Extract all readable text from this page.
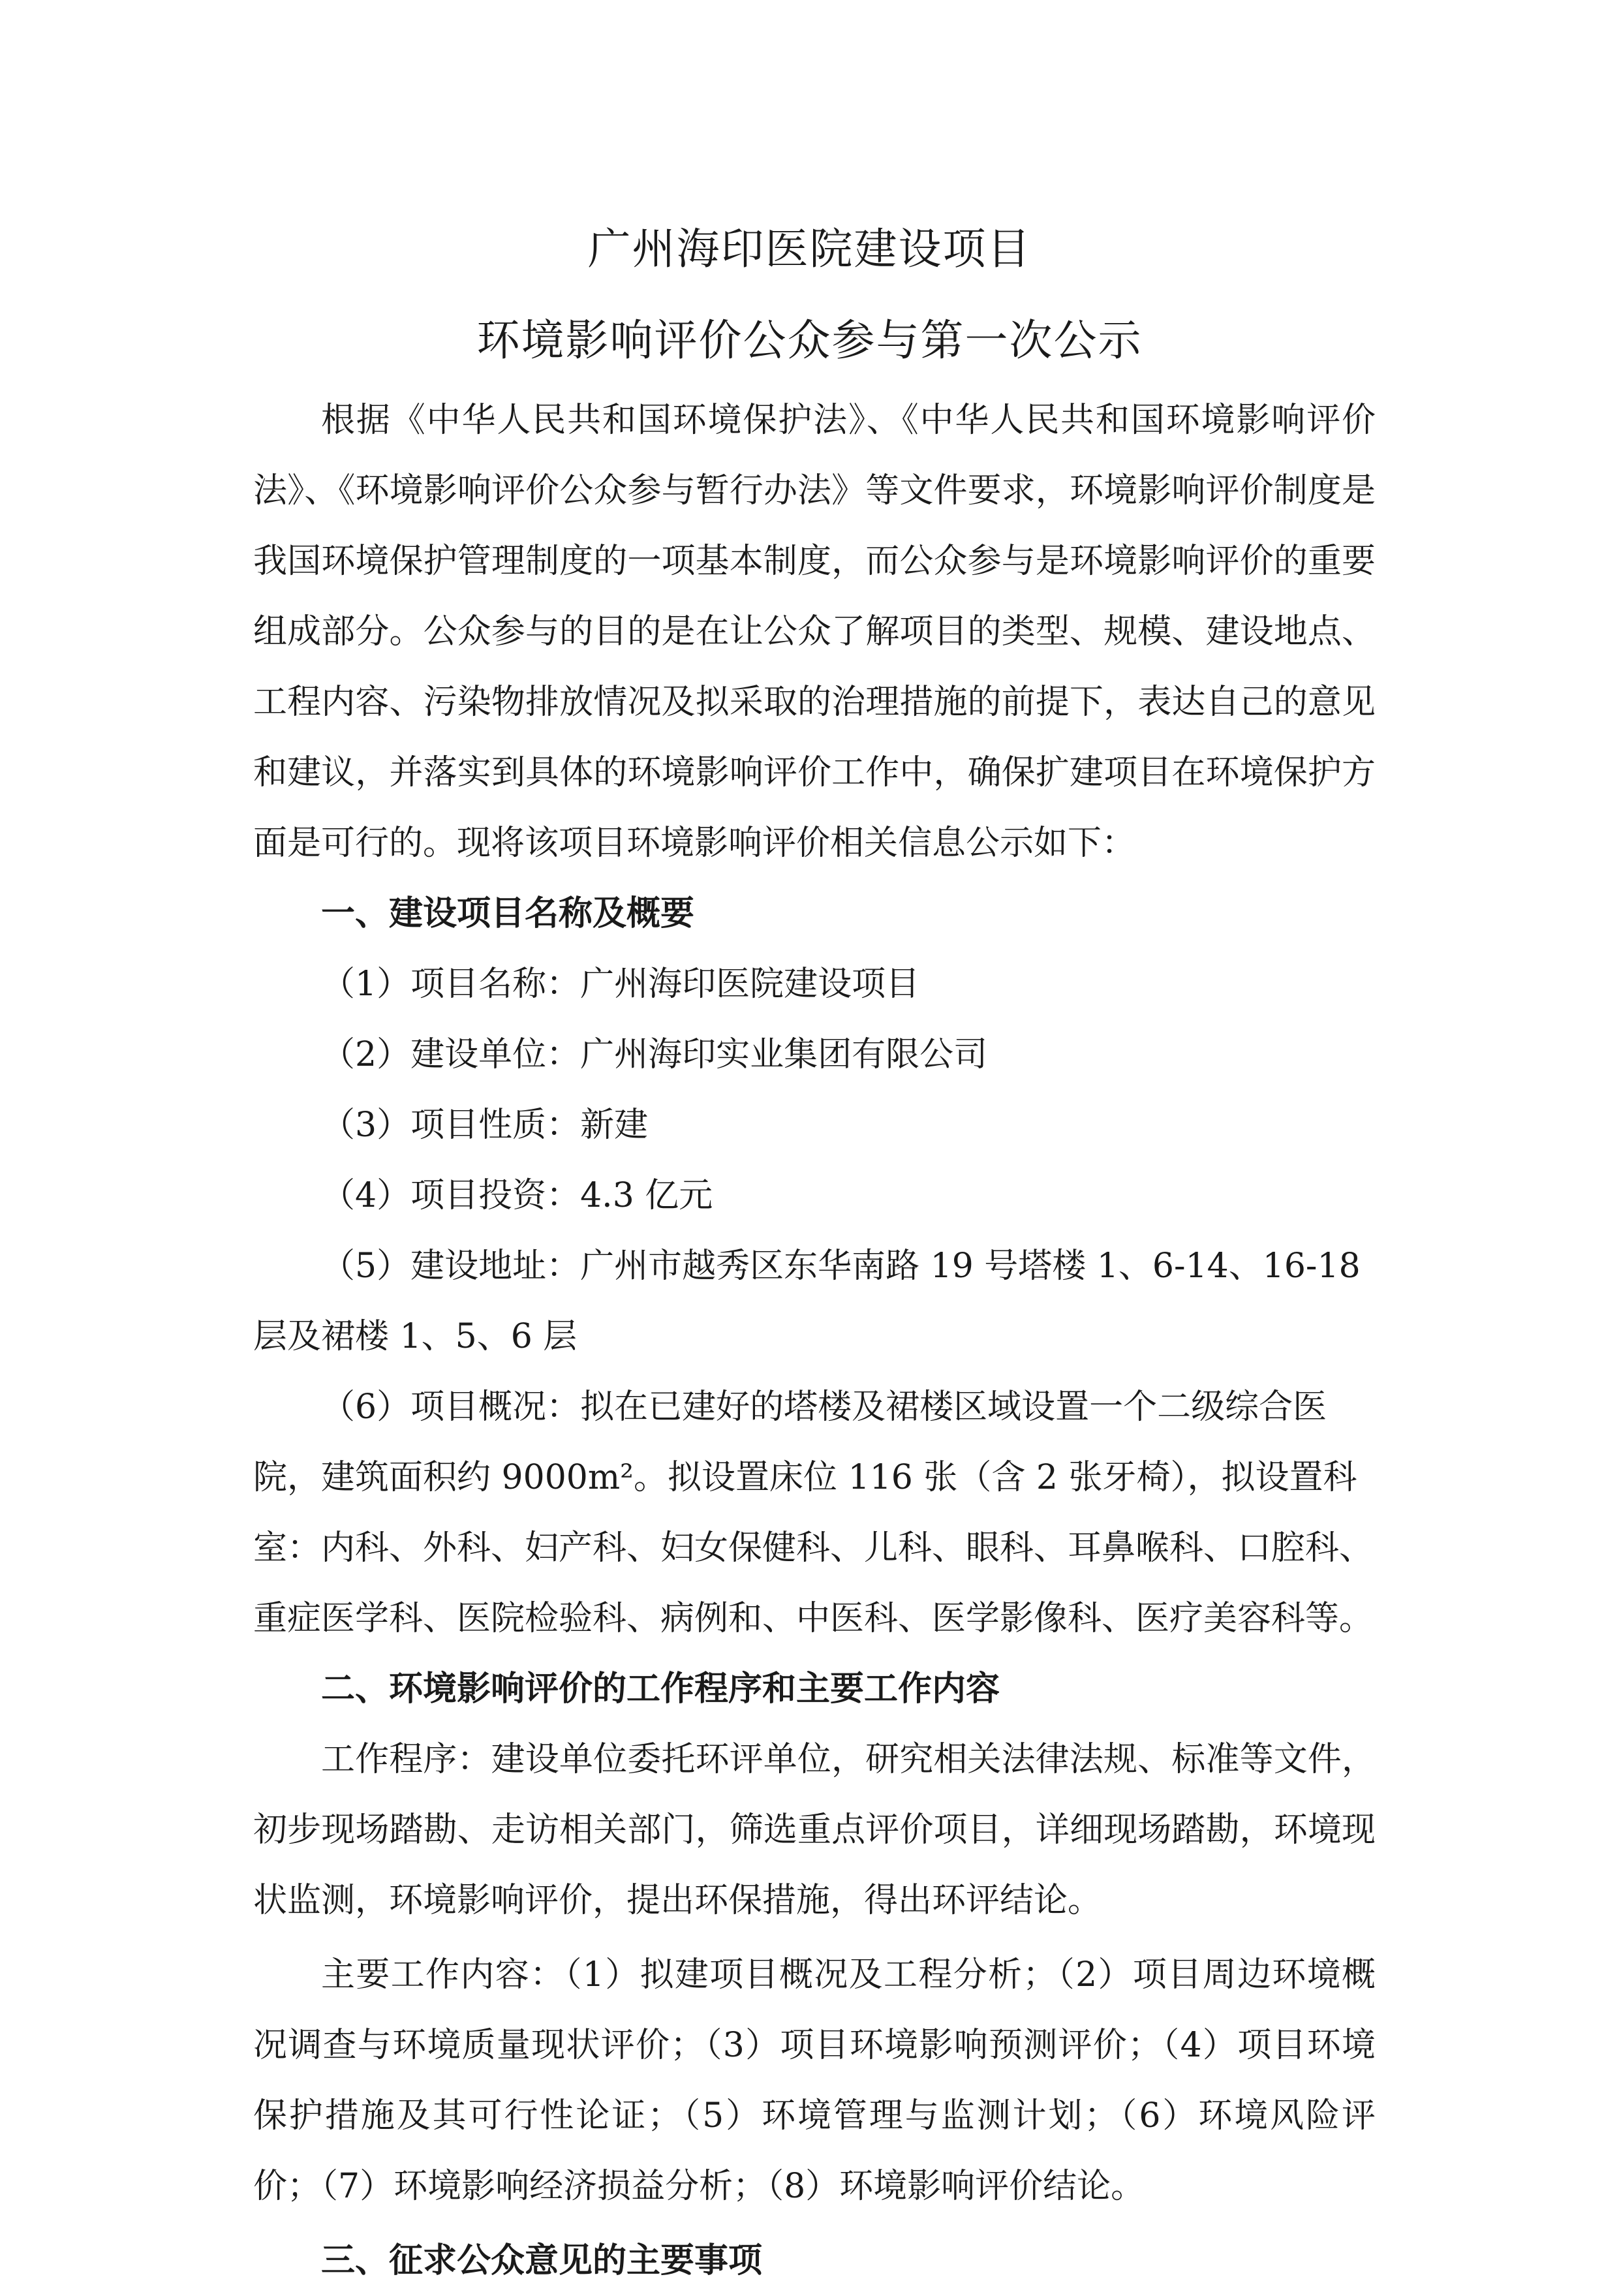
广州海印医院建设项目
环境影响评价公众参与第一次公示

根据《中华人民共和国环境保护法》、《中华人民共和国环境影响评价法》、《环境影响评价公众参与暂行办法》等文件要求，环境影响评价制度是我国环境保护管理制度的一项基本制度，而公众参与是环境影响评价的重要组成部分。公众参与的目的是在让公众了解项目的类型、规模、建设地点、工程内容、污染物排放情况及拟采取的治理措施的前提下，表达自己的意见和建议，并落实到具体的环境影响评价工作中，确保扩建项目在环境保护方面是可行的。现将该项目环境影响评价相关信息公示如下：

一、建设项目名称及概要

（1）项目名称：广州海印医院建设项目

（2）建设单位：广州海印实业集团有限公司

（3）项目性质：新建

（4）项目投资：4.3 亿元

（5）建设地址：广州市越秀区东华南路 19 号塔楼 1、6-14、16-18 层及裙楼 1、5、6 层

（6）项目概况：拟在已建好的塔楼及裙楼区域设置一个二级综合医院，建筑面积约 9000m²。拟设置床位 116 张（含 2 张牙椅），拟设置科室：内科、外科、妇产科、妇女保健科、儿科、眼科、耳鼻喉科、口腔科、重症医学科、医院检验科、病例和、中医科、医学影像科、医疗美容科等。

二、环境影响评价的工作程序和主要工作内容

工作程序：建设单位委托环评单位，研究相关法律法规、标准等文件，初步现场踏勘、走访相关部门，筛选重点评价项目，详细现场踏勘，环境现状监测，环境影响评价，提出环保措施，得出环评结论。

主要工作内容：（1）拟建项目概况及工程分析；（2）项目周边环境概况调查与环境质量现状评价；（3）项目环境影响预测评价；（4）项目环境保护措施及其可行性论证；（5）环境管理与监测计划；（6）环境风险评价；（7）环境影响经济损益分析；（8）环境影响评价结论。

三、征求公众意见的主要事项
